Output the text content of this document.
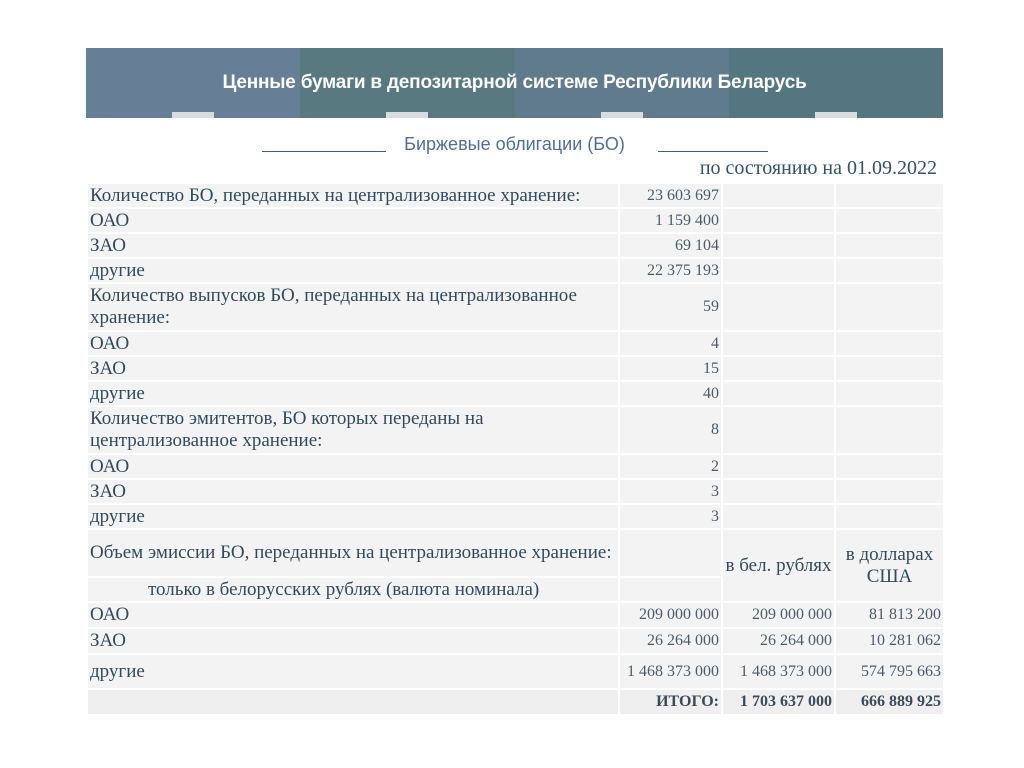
Ценные бумаги в депозитарной системе Республики Беларусь
Биржевые облигации (БО)
по состоянию на 01.09.2022
Количество БО, переданных на централизованное хранение:	23 603 697		
ОАО	1 159 400		
ЗАО	69 104		
другие	22 375 193		
Количество выпусков БО, переданных на централизованное хранение:	59		
ОАО	4		
ЗАО	15		
другие	40		
Количество эмитентов, БО которых переданы на централизованное хранение:	8		
ОАО	2		
ЗАО	3		
другие	3		
Объем эмиссии БО, переданных на централизованное хранение:		в бел. рублях	в долларах США
только в белорусских рублях (валюта номинала)			
ОАО	209 000 000	209 000 000	81 813 200
ЗАО	26 264 000	26 264 000	10 281 062
другие	1 468 373 000	1 468 373 000	574 795 663
	ИТОГО:	1 703 637 000	666 889 925
